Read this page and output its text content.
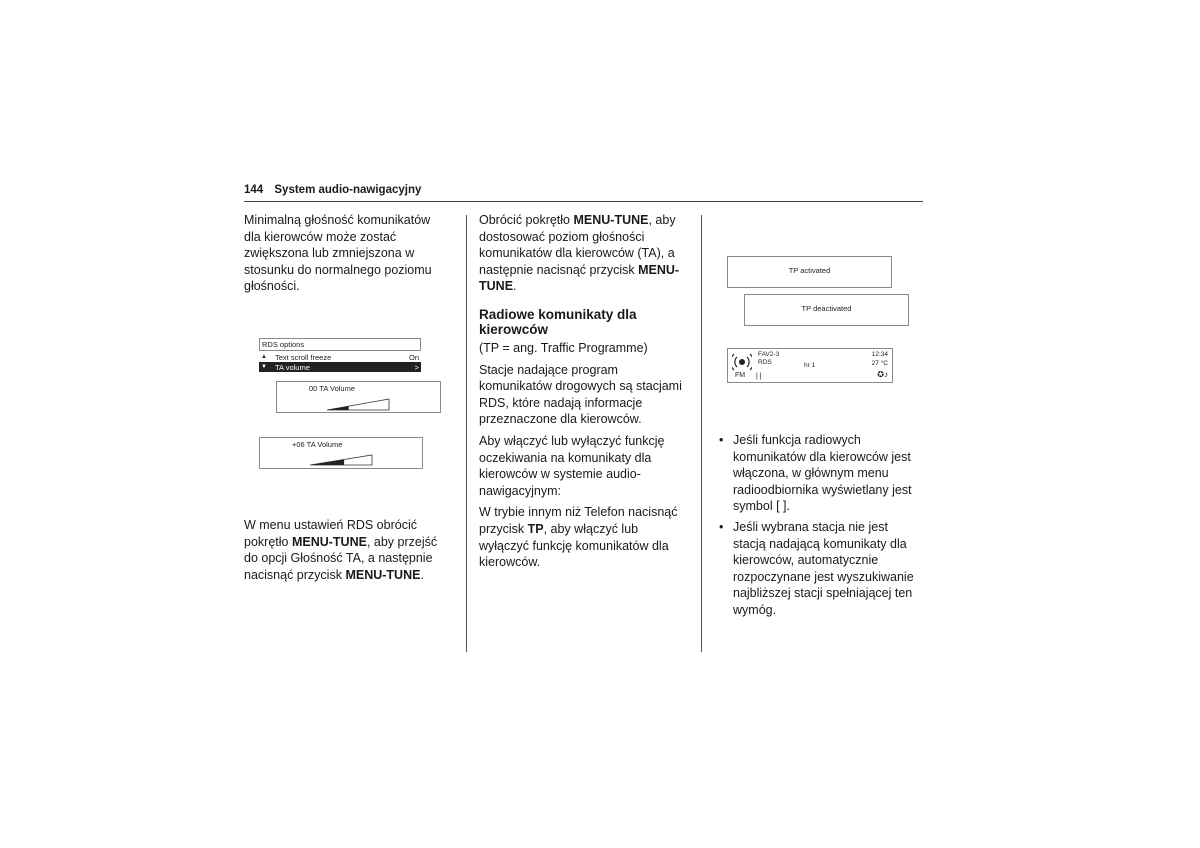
144 System audio-nawigacyjny

Minimalną głośność komunikatów dla kierowców może zostać zwiększona lub zmniejszona w stosunku do normalnego poziomu głośności.

RDS options
▲	Text scroll freeze	On
▼	TA volume	>
00 TA Volume
+06 TA Volume

W menu ustawień RDS obrócić pokrętło MENU-TUNE, aby przejść do opcji Głośność TA, a następnie nacisnąć przycisk MENU-TUNE.

Obrócić pokrętło MENU-TUNE, aby dostosować poziom głośności komunikatów dla kierowców (TA), a następnie nacisnąć przycisk MENU-TUNE.

Radiowe komunikaty dla kierowców

(TP = ang. Traffic Programme)

Stacje nadające program komunikatów drogowych są stacjami RDS, które nadają informacje przeznaczone dla kierowców.

Aby włączyć lub wyłączyć funkcję oczekiwania na komunikaty dla kierowców w systemie audio-nawigacyjnym:

W trybie innym niż Telefon nacisnąć przycisk TP, aby włączyć lub wyłączyć funkcję komunikatów dla kierowców.

TP activated
TP deactivated
FM | |
FAV2-3
RDS	hr 1
12:34
27 °C
✪♪
• Jeśli funkcja radiowych komunikatów dla kierowców jest włączona, w głównym menu radioodbiornika wyświetlany jest symbol [ ].
• Jeśli wybrana stacja nie jest stacją nadającą komunikaty dla kierowców, automatycznie rozpoczynane jest wyszukiwanie najbliższej stacji spełniającej ten wymóg.
